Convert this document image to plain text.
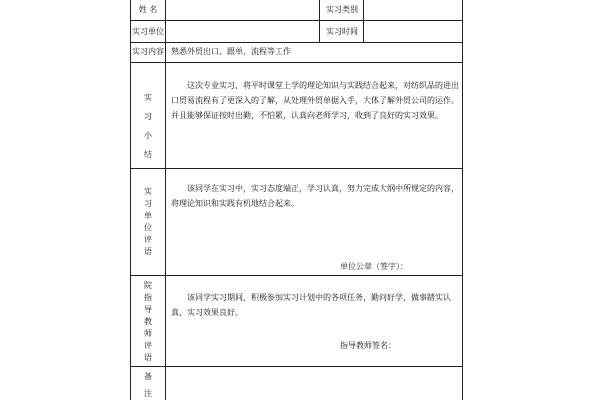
姓 名	实习类别
实习单位	实习时间
实习内容 熟悉外贸出口、跟单、流程等工作
实
习
小
结
这次专业实习，将平时课堂上学的理论知识与实践结合起来，对纺织品的进出口贸易流程有了更深入的了解，从处理外贸单据入手，大体了解外贸公司的运作。并且能够保证按时出勤，不怕累，认真向老师学习，收到了良好的实习效果。
实
习
单
位
评
语
该同学在实习中，实习态度端正，学习认真，努力完成大纲中所规定的内容，将理论知识和实践有机地结合起来。
单位公章（签字）：
院
指
导
教
师
评
语
该同学实习期间，积极参加实习计划中的各项任务，勤问好学，做事踏实认真，实习效果良好。
指导教师签名：
备
注
